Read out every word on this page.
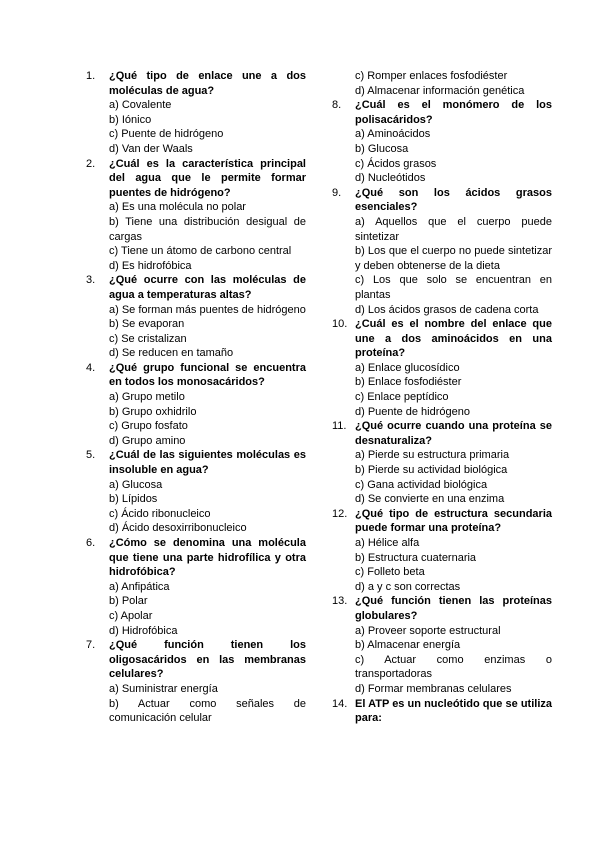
1.	¿Qué tipo de enlace une a dos moléculas de agua?
a) Covalente
b) Iónico
c) Puente de hidrógeno
d) Van der Waals
2.	¿Cuál es la característica principal del agua que le permite formar puentes de hidrógeno?
a) Es una molécula no polar
b) Tiene una distribución desigual de cargas
c) Tiene un átomo de carbono central
d) Es hidrofóbica
3.	¿Qué ocurre con las moléculas de agua a temperaturas altas?
a) Se forman más puentes de hidrógeno
b) Se evaporan
c) Se cristalizan
d) Se reducen en tamaño
4.	¿Qué grupo funcional se encuentra en todos los monosacáridos?
a) Grupo metilo
b) Grupo oxhidrilo
c) Grupo fosfato
d) Grupo amino
5.	¿Cuál de las siguientes moléculas es insoluble en agua?
a) Glucosa
b) Lípidos
c) Ácido ribonucleico
d) Ácido desoxirribonucleico
6.	¿Cómo se denomina una molécula que tiene una parte hidrofílica y otra hidrofóbica?
a) Anfipática
b) Polar
c) Apolar
d) Hidrofóbica
7.	¿Qué función tienen los oligosacáridos en las membranas celulares?
a) Suministrar energía
b) Actuar como señales de comunicación celular
c) Romper enlaces fosfodiéster
d) Almacenar información genética
8.	¿Cuál es el monómero de los polisacáridos?
a) Aminoácidos
b) Glucosa
c) Ácidos grasos
d) Nucleótidos
9.	¿Qué son los ácidos grasos esenciales?
a) Aquellos que el cuerpo puede sintetizar
b) Los que el cuerpo no puede sintetizar y deben obtenerse de la dieta
c) Los que solo se encuentran en plantas
d) Los ácidos grasos de cadena corta
10. ¿Cuál es el nombre del enlace que une a dos aminoácidos en una proteína?
a) Enlace glucosídico
b) Enlace fosfodiéster
c) Enlace peptídico
d) Puente de hidrógeno
11. ¿Qué ocurre cuando una proteína se desnaturaliza?
a) Pierde su estructura primaria
b) Pierde su actividad biológica
c) Gana actividad biológica
d) Se convierte en una enzima
12. ¿Qué tipo de estructura secundaria puede formar una proteína?
a) Hélice alfa
b) Estructura cuaternaria
c) Folleto beta
d) a y c son correctas
13. ¿Qué función tienen las proteínas globulares?
a) Proveer soporte estructural
b) Almacenar energía
c) Actuar como enzimas o transportadoras
d) Formar membranas celulares
14. El ATP es un nucleótido que se utiliza para:
